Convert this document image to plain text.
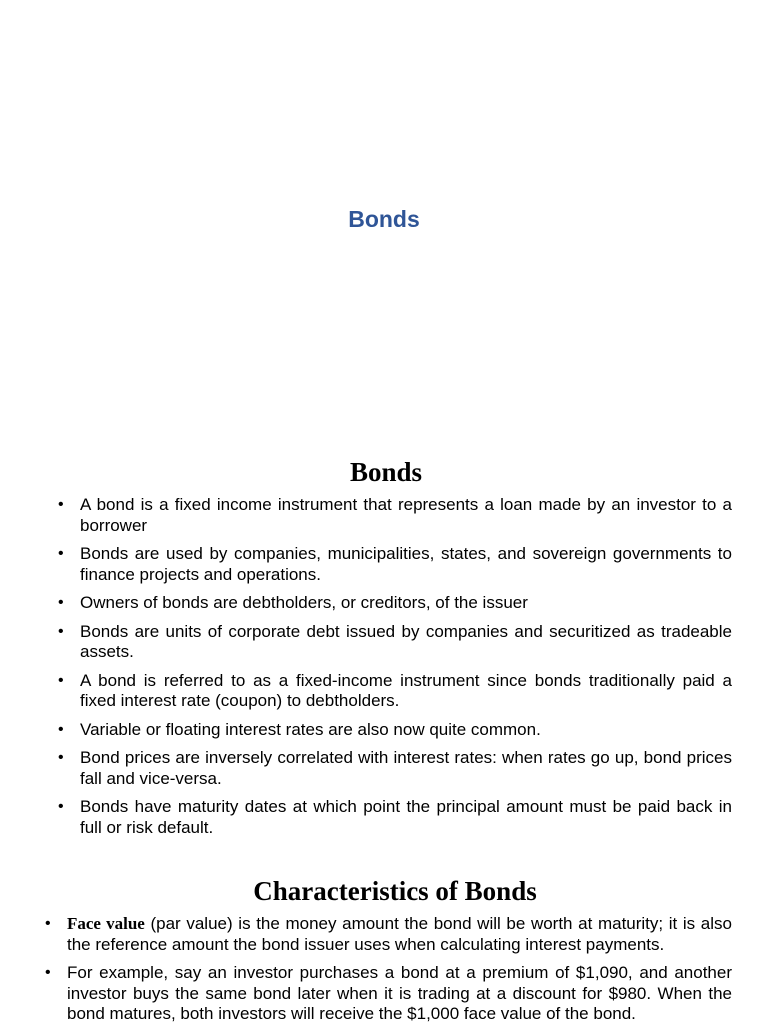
Bonds
Bonds
• A bond is a fixed income instrument that represents a loan made by an investor to a borrower
• Bonds are used by companies, municipalities, states, and sovereign governments to finance projects and operations.
• Owners of bonds are debtholders, or creditors, of the issuer
• Bonds are units of corporate debt issued by companies and securitized as tradeable assets.
• A bond is referred to as a fixed-income instrument since bonds traditionally paid a fixed interest rate (coupon) to debtholders.
• Variable or floating interest rates are also now quite common.
• Bond prices are inversely correlated with interest rates: when rates go up, bond prices fall and vice-versa.
• Bonds have maturity dates at which point the principal amount must be paid back in full or risk default.
Characteristics of Bonds
• Face value (par value) is the money amount the bond will be worth at maturity; it is also the reference amount the bond issuer uses when calculating interest payments.
• For example, say an investor purchases a bond at a premium of $1,090, and another investor buys the same bond later when it is trading at a discount for $980. When the bond matures, both investors will receive the $1,000 face value of the bond.
